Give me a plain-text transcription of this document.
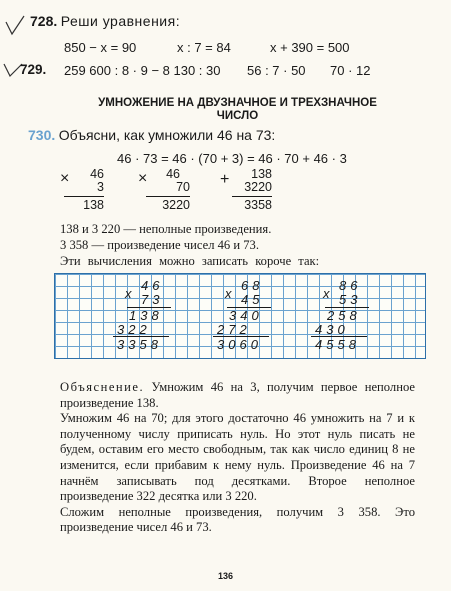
728. Реши уравнения:
850 − x = 90	x : 7 = 84	x + 390 = 500
729. 259 600 : 8 · 9 − 8 130 : 30 56 : 7 · 50 70 · 12
УМНОЖЕНИЕ НА ДВУЗНАЧНОЕ И ТРЕХЗНАЧНОЕ
ЧИСЛО
730. Объясни, как умножили 46 на 73:
46 · 73 = 46 · (70 + 3) = 46 · 70 + 46 · 3
× 46
3
138
× 46
70
3220
+ 138
3220
3358
138 и 3 220 — неполные произведения.
3 358 — произведение чисел 46 и 73.
Эти вычисления можно записать короче так:
x
46
73
138
322
3358
x
68
45
340
272
3060
x
86
53
258
430
4558

Объяснение. Умножим 46 на 3, получим первое неполное произведение 138.

Умножим 46 на 70; для этого достаточно 46 умножить на 7 и к полученному числу приписать нуль. Но этот нуль писать не будем, оставим его место свободным, так как число единиц 8 не изменится, если прибавим к нему нуль. Произведение 46 на 7 начнём записывать под десятками. Второе неполное произведение 322 десятка или 3 220.

Сложим неполные произведения, получим 3 358. Это произведение чисел 46 и 73.

136
